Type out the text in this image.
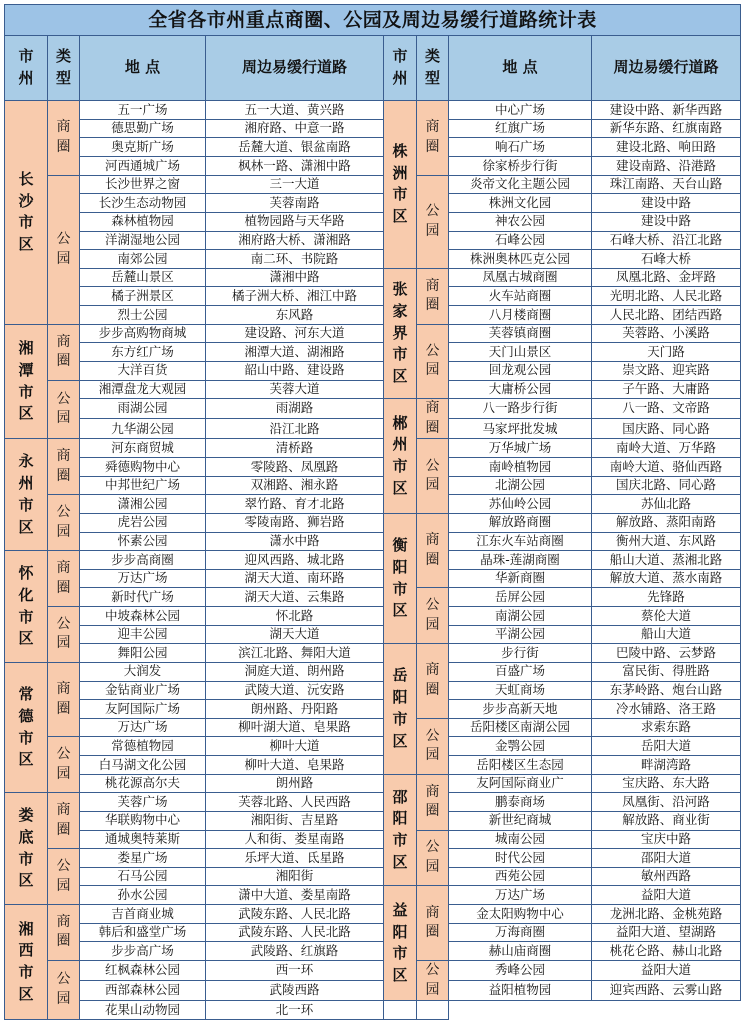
全省各市州重点商圈、公园及周边易缓行道路统计表							
市州	类型	地 点	周边易缓行道路	市州	类型	地 点	周边易缓行道路
长沙市区	商圈	五一广场	五一大道、黄兴路	株洲市区	商圈	中心广场	建设中路、新华西路
		德思勤广场	湘府路、中意一路			红旗广场	新华东路、红旗南路
		奥克斯广场	岳麓大道、银盆南路			响石广场	建设北路、响田路
		河西通城广场	枫林一路、潇湘中路			徐家桥步行街	建设南路、沿港路
	公园	长沙世界之窗	三一大道		公园	炎帝文化主题公园	珠江南路、天台山路
		长沙生态动物园	芙蓉南路			株洲文化园	建设中路
		森林植物园	植物园路与天华路			神农公园	建设中路
		洋湖湿地公园	湘府路大桥、潇湘路			石峰公园	石峰大桥、沿江北路
		南郊公园	南二环、书院路			株洲奥林匹克公园	石峰大桥
		岳麓山景区	潇湘中路	张家界市区	商圈	凤凰古城商圈	凤凰北路、金坪路
		橘子洲景区	橘子洲大桥、湘江中路			火车站商圈	光明北路、人民北路
		烈士公园	东风路			八月楼商圈	人民北路、团结西路
湘潭市区	商圈	步步高购物商城	建设路、河东大道		公园	芙蓉镇商圈	芙蓉路、小溪路
		东方红广场	湘潭大道、湖湘路			天门山景区	天门路
		大洋百货	韶山中路、建设路			回龙观公园	崇文路、迎宾路
	公园	湘潭盘龙大观园	芙蓉大道			大庸桥公园	子午路、大庸路
		雨湖公园	雨湖路	郴州市区	商圈	八一路步行街	八一路、文帝路
		九华湖公园	沿江北路			马家坪批发城	国庆路、同心路
永州市区	商圈	河东商贸城	清桥路		公园	万华城广场	南岭大道、万华路
		舜德购物中心	零陵路、凤凰路			南岭植物园	南岭大道、骆仙西路
		中邦世纪广场	双湘路、湘永路			北湖公园	国庆北路、同心路
	公园	潇湘公园	翠竹路、育才北路			苏仙岭公园	苏仙北路
		虎岩公园	零陵南路、狮岩路	衡阳市区	商圈	解放路商圈	解放路、蒸阳南路
		怀素公园	潇水中路			江东火车站商圈	衡州大道、东风路
怀化市区	商圈	步步高商圈	迎风西路、城北路			晶珠-莲湖商圈	船山大道、蒸湘北路
		万达广场	湖天大道、南环路			华新商圈	解放大道、蒸水南路
		新时代广场	湖天大道、云集路		公园	岳屏公园	先锋路
	公园	中坡森林公园	怀北路			南湖公园	蔡伦大道
		迎丰公园	湖天大道			平湖公园	船山大道
		舞阳公园	滨江北路、舞阳大道	岳阳市区	商圈	步行街	巴陵中路、云梦路
常德市区	商圈	大润发	洞庭大道、朗州路			百盛广场	富民街、得胜路
		金钻商业广场	武陵大道、沅安路			天虹商场	东茅岭路、炮台山路
		友阿国际广场	朗州路、丹阳路			步步高新天地	冷水铺路、洛王路
		万达广场	柳叶湖大道、皂果路		公园	岳阳楼区南湖公园	求索东路
	公园	常德植物园	柳叶大道			金鹗公园	岳阳大道
		白马湖文化公园	柳叶大道、皂果路			岳阳楼区生态园	畔湖湾路
		桃花源高尔夫	朗州路	邵阳市区	商圈	友阿国际商业广	宝庆路、东大路
娄底市区	商圈	芙蓉广场	芙蓉北路、人民西路			鹏泰商场	凤凰街、沿河路
		华联购物中心	湘阳街、吉星路			新世纪商城	解放路、商业街
		通城奥特莱斯	人和街、娄星南路		公园	城南公园	宝庆中路
	公园	娄星广场	乐坪大道、氐星路			时代公园	邵阳大道
		石马公园	湘阳街			西苑公园	敏州西路
		孙水公园	潇中大道、娄星南路	益阳市区	商圈	万达广场	益阳大道
湘西市区	商圈	吉首商业城	武陵东路、人民北路			金太阳购物中心	龙洲北路、金桃苑路
		韩后和盛堂广场	武陵东路、人民北路			万海商圈	益阳大道、望湖路
		步步高广场	武陵路、红旗路			赫山庙商圈	桃花仑路、赫山北路
	公园	红枫森林公园	西一环		公园	秀峰公园	益阳大道
		西部森林公园	武陵西路			益阳植物园	迎宾西路、云雾山路
		花果山动物园	北一环				
